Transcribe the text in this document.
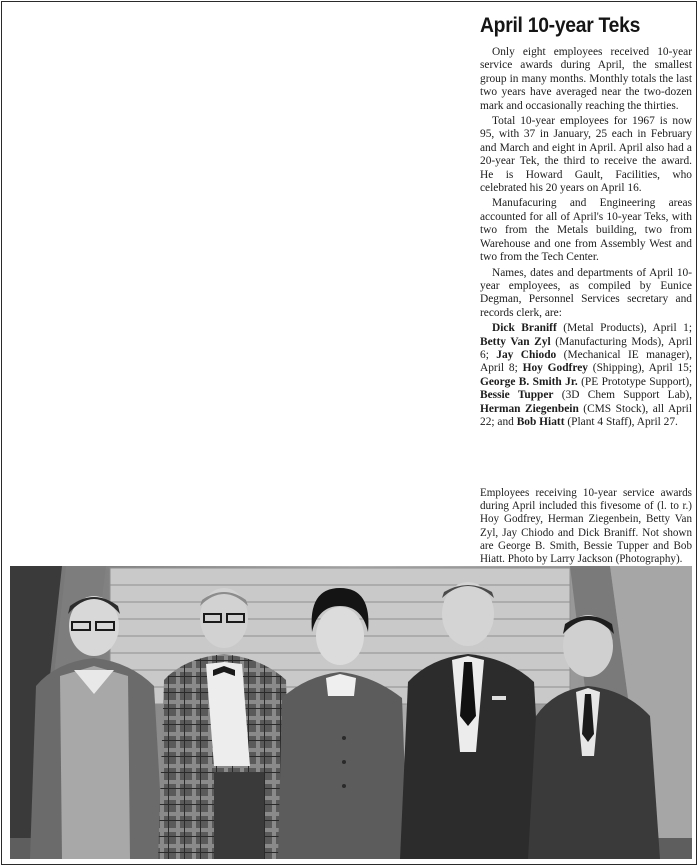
April 10-year Teks

Only eight employees received 10-year service awards during April, the smallest group in many months. Monthly totals the last two years have averaged near the two-dozen mark and occasionally reaching the thirties.

Total 10-year employees for 1967 is now 95, with 37 in January, 25 each in February and March and eight in April. April also had a 20-year Tek, the third to receive the award. He is Howard Gault, Facilities, who celebrated his 20 years on April 16.

Manufacuring and Engineering areas accounted for all of April's 10-year Teks, with two from the Metals building, two from Warehouse and one from Assembly West and two from the Tech Center.

Names, dates and departments of April 10-year employees, as compiled by Eunice Degman, Personnel Services secretary and records clerk, are:

Dick Braniff (Metal Products), April 1; Betty Van Zyl (Manufacturing Mods), April 6; Jay Chiodo (Mechanical IE manager), April 8; Hoy Godfrey (Shipping), April 15; George B. Smith Jr. (PE Prototype Support), Bessie Tupper (3D Chem Support Lab), Herman Ziegenbein (CMS Stock), all April 22; and Bob Hiatt (Plant 4 Staff), April 27.

Employees receiving 10-year service awards during April included this fivesome of (l. to r.) Hoy Godfrey, Herman Ziegenbein, Betty Van Zyl, Jay Chiodo and Dick Braniff. Not shown are George B. Smith, Bessie Tupper and Bob Hiatt. Photo by Larry Jackson (Photography).
